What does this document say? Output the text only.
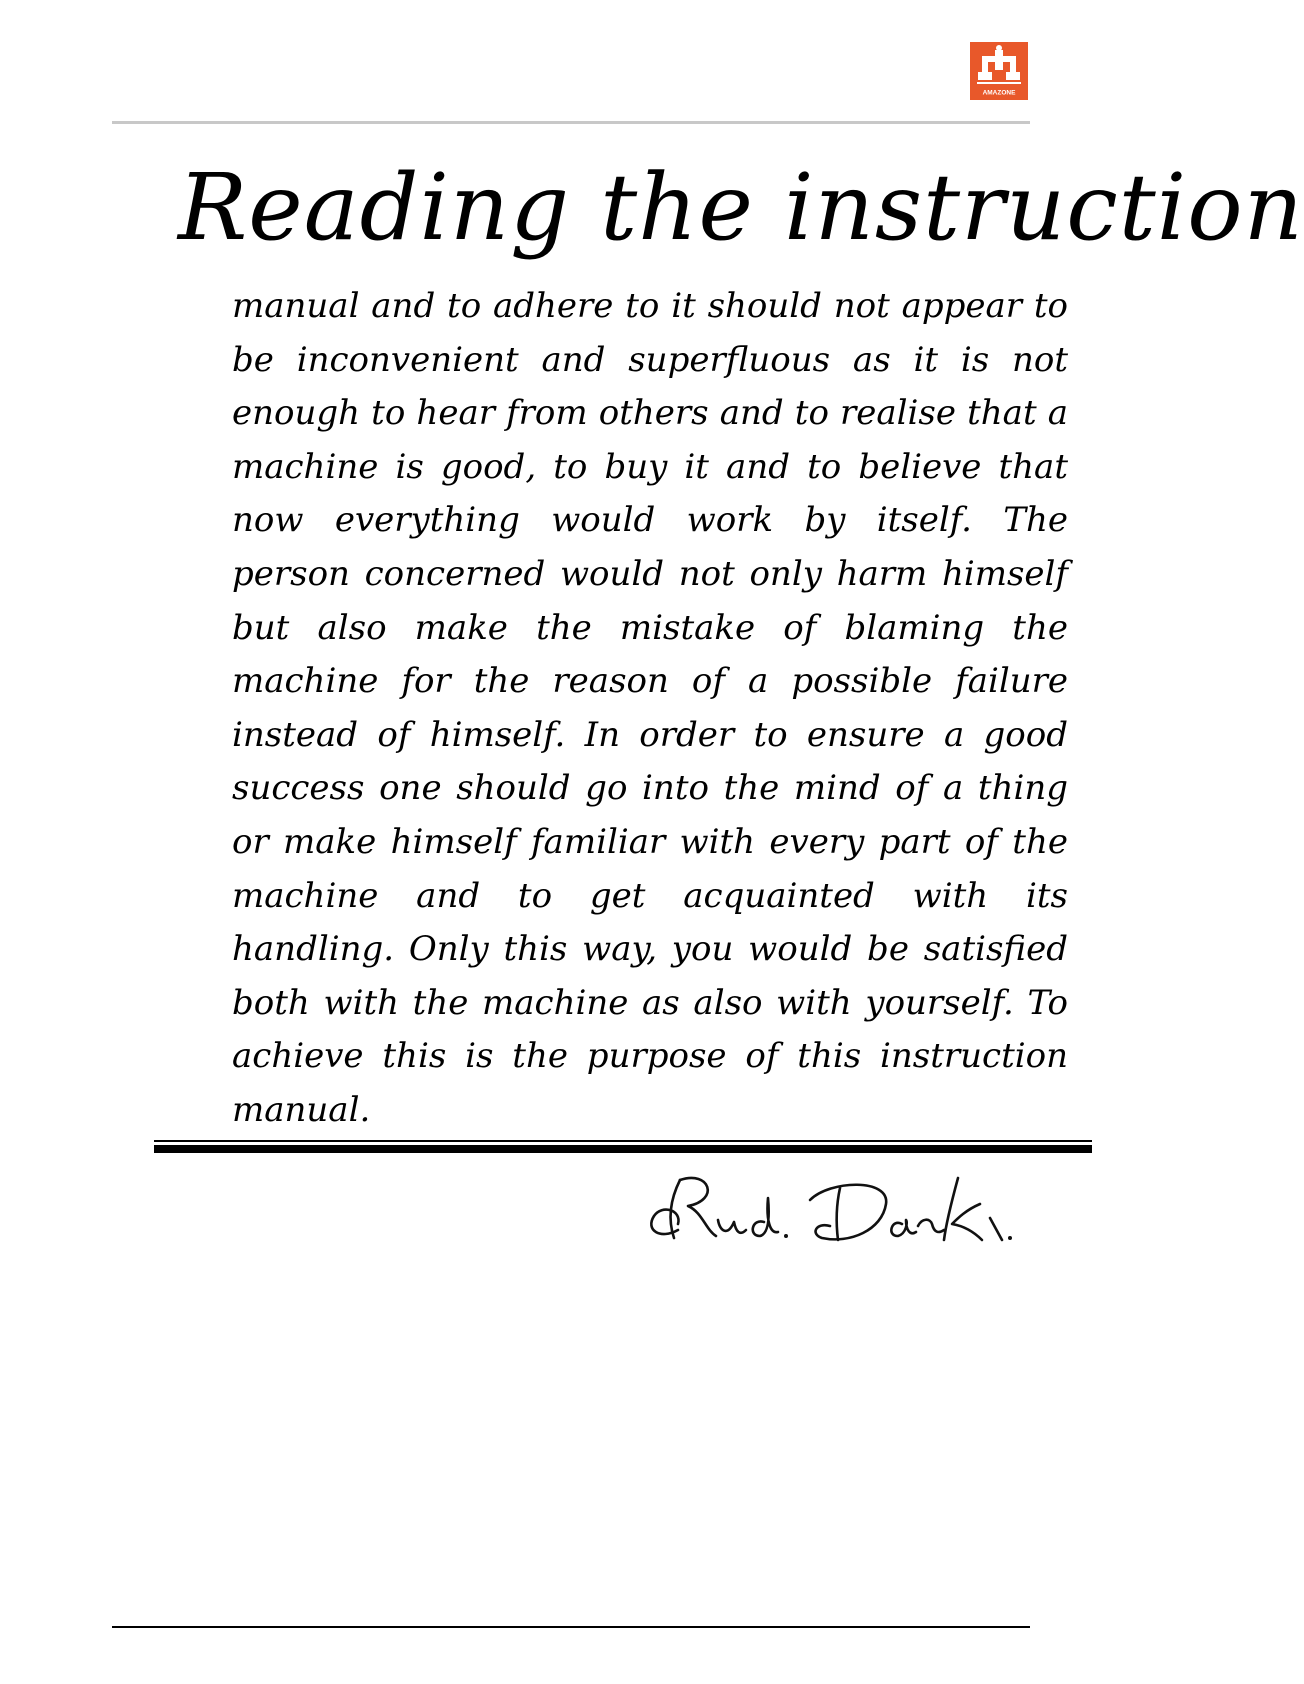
AMAZONE
Reading the instruction

manual and to adhere to it should not appear to be inconvenient and superfluous as it is not enough to hear from others and to realise that a machine is good, to buy it and to believe that now everything would work by itself. The person concerned would not only harm himself but also make the mistake of blaming the machine for the reason of a possible failure instead of himself. In order to ensure a good success one should go into the mind of a thing or make himself familiar with every part of the machine and to get acquainted with its handling. Only this way, you would be satisfied both with the machine as also with yourself. To achieve this is the purpose of this instruction manual.
